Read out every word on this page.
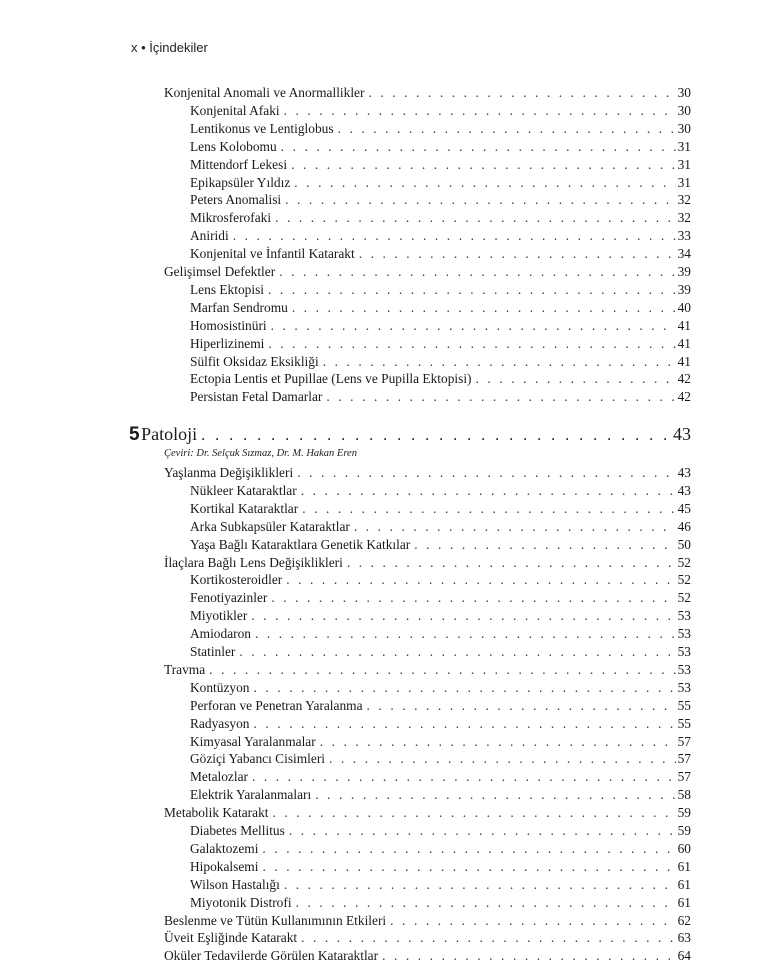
x • İçindekiler
Konjenital Anomali ve Anormallikler . . .	30
Konjenital Afaki . . .	30
Lentikonus ve Lentiglobus . . .	30
Lens Kolobomu . . .	31
Mittendorf Lekesi . . .	31
Epikapsüler Yıldız . . .	31
Peters Anomalisi . . .	32
Mikrosferofaki . . .	32
Aniridi . . .	33
Konjenital ve İnfantil Katarakt . . .	34
Gelişimsel Defektler . . .	39
Lens Ektopisi . . .	39
Marfan Sendromu . . .	40
Homosistinüri . . .	41
Hiperlizinemi . . .	41
Sülfit Oksidaz Eksikliği . . .	41
Ectopia Lentis et Pupillae (Lens ve Pupilla Ektopisi) . . .	42
Persistan Fetal Damarlar . . .	42
Yaşlanma Değişiklikleri . . .	43
Nükleer Kataraktlar . . .	43
Kortikal Kataraktlar . . .	45
Arka Subkapsüler Kataraktlar . . .	46
Yaşa Bağlı Kataraktlara Genetik Katkılar . . .	50
İlaçlara Bağlı Lens Değişiklikleri . . .	52
Kortikosteroidler . . .	52
Fenotiyazinler . . .	52
Miyotikler . . .	53
Amiodaron . . .	53
Statinler . . .	53
Travma . . .	53
Kontüzyon . . .	53
Perforan ve Penetran Yaralanma . . .	55
Radyasyon . . .	55
Kimyasal Yaralanmalar . . .	57
Göziçi Yabancı Cisimleri . . .	57
Metalozlar . . .	57
Elektrik Yaralanmaları . . .	58
Metabolik Katarakt . . .	59
Diabetes Mellitus . . .	59
Galaktozemi . . .	60
Hipokalsemi . . .	61
Wilson Hastalığı . . .	61
Miyotonik Distrofi . . .	61
Beslenme ve Tütün Kullanımının Etkileri . . .	62
Üveit Eşliğinde Katarakt . . .	63
Oküler Tedavilerde Görülen Kataraktlar . . .	64
5 Patoloji . . .	43
Çeviri: Dr. Selçuk Sızmaz, Dr. M. Hakan Eren
